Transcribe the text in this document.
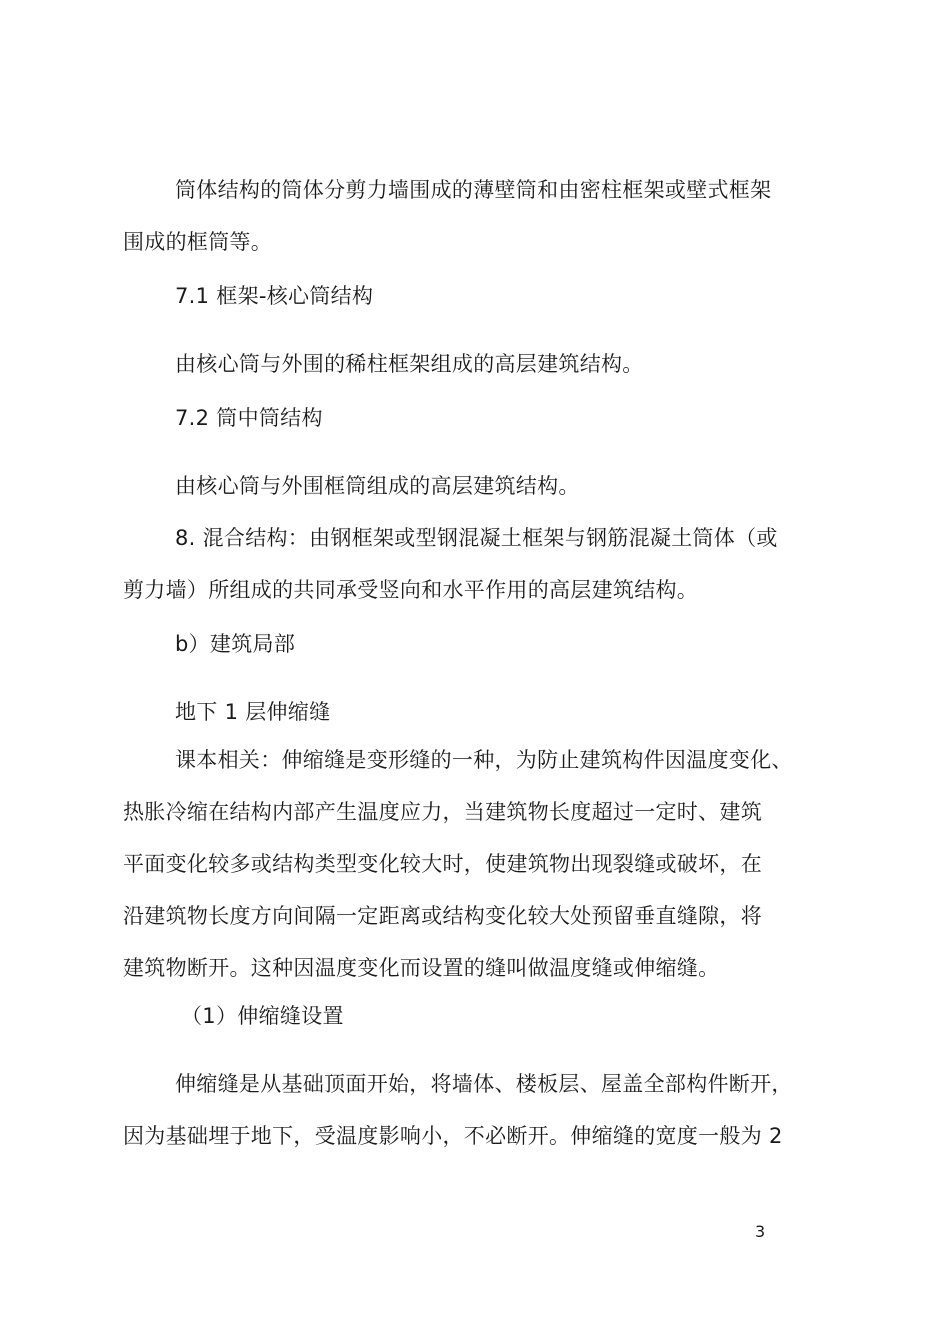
筒体结构的筒体分剪力墙围成的薄壁筒和由密柱框架或壁式框架
围成的框筒等。
7.1 框架-核心筒结构
由核心筒与外围的稀柱框架组成的高层建筑结构。
7.2 筒中筒结构
由核心筒与外围框筒组成的高层建筑结构。
8. 混合结构：由钢框架或型钢混凝土框架与钢筋混凝土筒体（或
剪力墙）所组成的共同承受竖向和水平作用的高层建筑结构。
b）建筑局部
地下 1 层伸缩缝
课本相关：伸缩缝是变形缝的一种，为防止建筑构件因温度变化、
热胀冷缩在结构内部产生温度应力，当建筑物长度超过一定时、建筑
平面变化较多或结构类型变化较大时，使建筑物出现裂缝或破坏，在
沿建筑物长度方向间隔一定距离或结构变化较大处预留垂直缝隙，将
建筑物断开。这种因温度变化而设置的缝叫做温度缝或伸缩缝。
（1）伸缩缝设置
伸缩缝是从基础顶面开始，将墙体、楼板层、屋盖全部构件断开，
因为基础埋于地下，受温度影响小，不必断开。伸缩缝的宽度一般为 2
3
